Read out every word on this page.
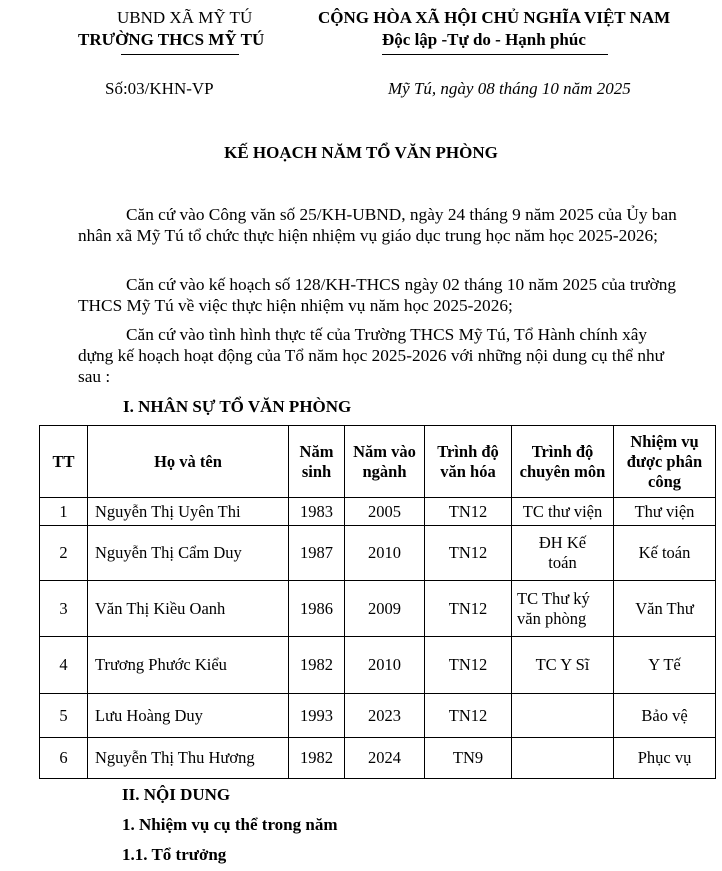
UBND XÃ MỸ TÚ
TRƯỜNG THCS MỸ TÚ
CỘNG HÒA XÃ HỘI CHỦ NGHĨA VIỆT NAM
Độc lập -Tự do - Hạnh phúc
Số:03/KHN-VP	Mỹ Tú, ngày 08 tháng 10 năm 2025
KẾ HOẠCH NĂM TỔ VĂN PHÒNG
Căn cứ vào Công văn số 25/KH-UBND, ngày 24 tháng 9 năm 2025 của Ủy ban nhân xã Mỹ Tú tổ chức thực hiện nhiệm vụ giáo dục trung học năm học 2025-2026;
Căn cứ vào kế hoạch số 128/KH-THCS ngày 02 tháng 10 năm 2025 của trường THCS Mỹ Tú về việc thực hiện nhiệm vụ năm học 2025-2026;
Căn cứ vào tình hình thực tế của Trường THCS Mỹ Tú, Tổ Hành chính xây dựng kế hoạch hoạt động của Tổ năm học 2025-2026 với những nội dung cụ thể như sau :
I. NHÂN SỰ TỔ VĂN PHÒNG
TT	Họ và tên	Năm sinh	Năm vào ngành	Trình độ văn hóa	Trình độ chuyên môn	Nhiệm vụ được phân công
1	Nguyễn Thị Uyên Thi	1983	2005	TN12	TC thư viện	Thư viện
2	Nguyễn Thị Cẩm Duy	1987	2010	TN12	ĐH Kế toán	Kế toán
3	Văn Thị Kiều Oanh	1986	2009	TN12	TC Thư ký văn phòng	Văn Thư
4	Trương Phước Kiểu	1982	2010	TN12	TC Y Sĩ	Y Tế
5	Lưu Hoàng Duy	1993	2023	TN12		Bảo vệ
6	Nguyễn Thị Thu Hương	1982	2024	TN9		Phục vụ
II. NỘI DUNG
1. Nhiệm vụ cụ thể trong năm
1.1. Tổ trưởng
